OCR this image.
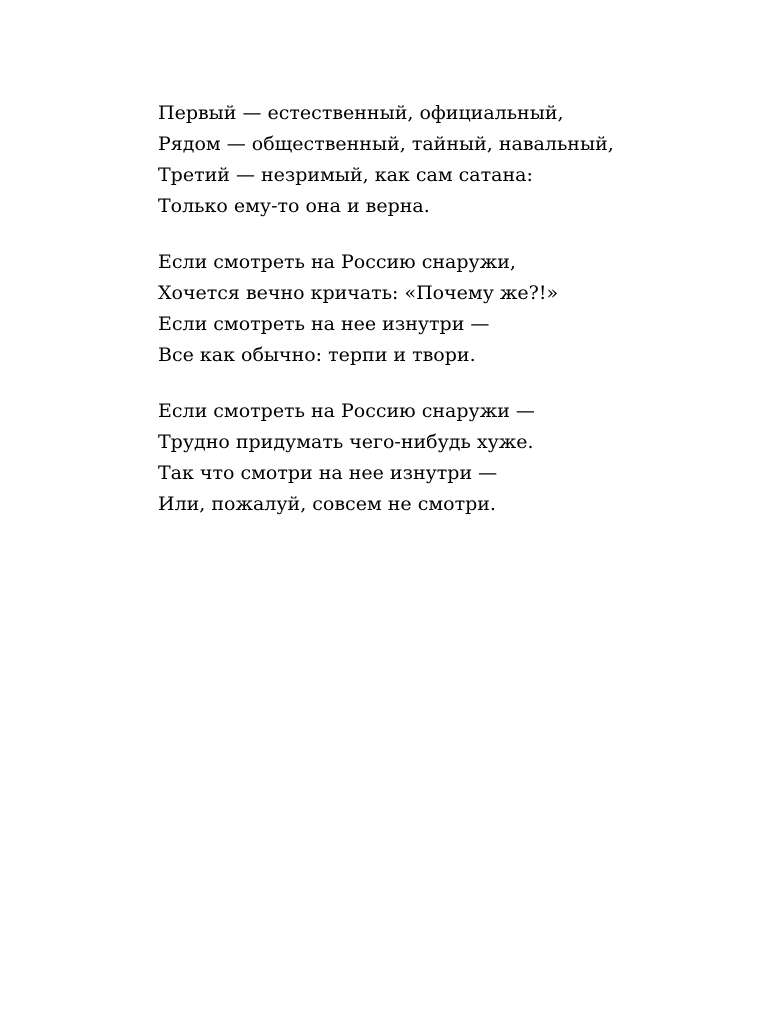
Первый — естественный, официальный,
Рядом — общественный, тайный, навальный,
Третий — незримый, как сам сатана:
Только ему-то она и верна.
Если смотреть на Россию снаружи,
Хочется вечно кричать: «Почему же?!»
Если смотреть на нее изнутри —
Все как обычно: терпи и твори.
Если смотреть на Россию снаружи —
Трудно придумать чего-нибудь хуже.
Так что смотри на нее изнутри —
Или, пожалуй, совсем не смотри.
